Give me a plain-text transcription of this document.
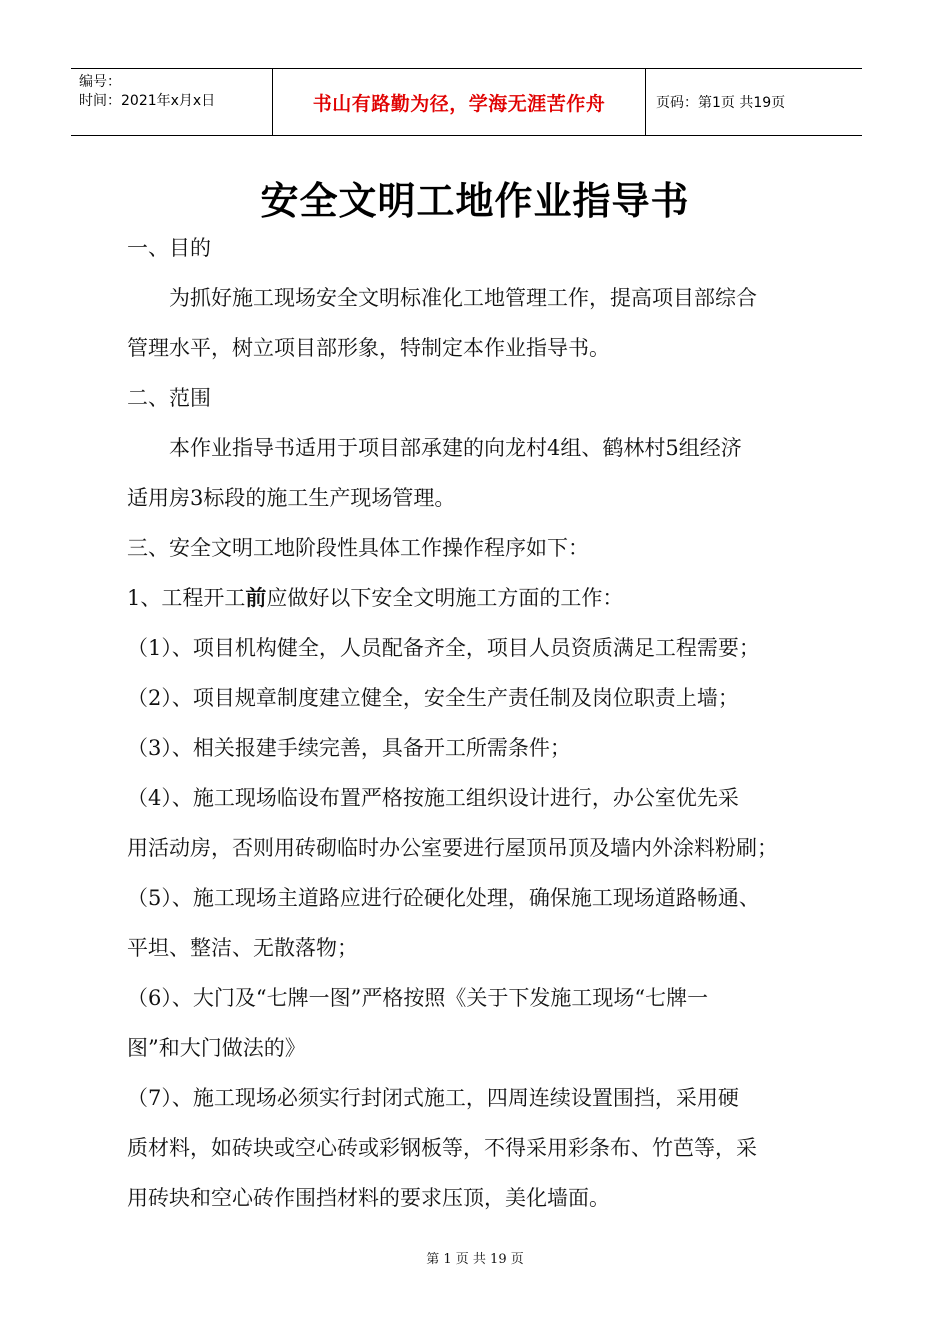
编号：
时间：2021年x月x日	书山有路勤为径，学海无涯苦作舟	页码：第1页 共19页
安全文明工地作业指导书
一、目的
为抓好施工现场安全文明标准化工地管理工作，提高项目部综合
管理水平，树立项目部形象，特制定本作业指导书。
二、范围
本作业指导书适用于项目部承建的向龙村4组、鹤林村5组经济
适用房3标段的施工生产现场管理。
三、安全文明工地阶段性具体工作操作程序如下：
1、工程开工前应做好以下安全文明施工方面的工作：
（1）、项目机构健全，人员配备齐全，项目人员资质满足工程需要；
（2）、项目规章制度建立健全，安全生产责任制及岗位职责上墙；
（3）、相关报建手续完善，具备开工所需条件；
（4）、施工现场临设布置严格按施工组织设计进行，办公室优先采
用活动房，否则用砖砌临时办公室要进行屋顶吊顶及墙内外涂料粉刷；
（5）、施工现场主道路应进行砼硬化处理，确保施工现场道路畅通、
平坦、整洁、无散落物；
（6）、大门及“七牌一图”严格按照《关于下发施工现场“七牌一
图”和大门做法的》
（7）、施工现场必须实行封闭式施工，四周连续设置围挡，采用硬
质材料，如砖块或空心砖或彩钢板等，不得采用彩条布、竹芭等，采
用砖块和空心砖作围挡材料的要求压顶，美化墙面。
第 1 页 共 19 页
